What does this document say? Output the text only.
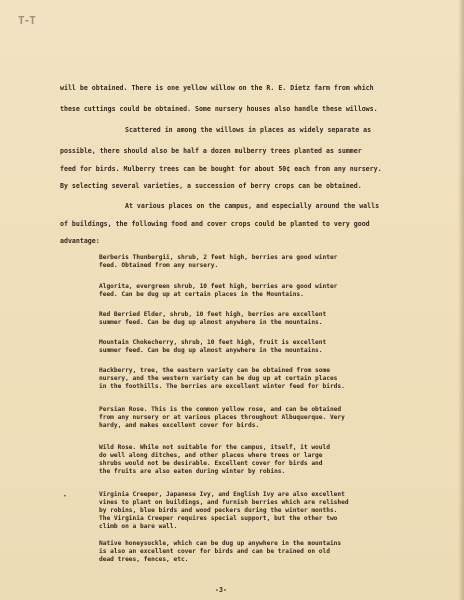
T-T
will be obtained. There is one yellow willow on the R. E. Dietz farm from which
these cuttings could be obtained. Some nursery houses also handle these willows.
Scattered in among the willows in places as widely separate as
possible, there should also be half a dozen mulberry trees planted as summer
feed for birds. Mulberry trees can be bought for about 50¢ each from any nursery.
By selecting several varieties, a succession of berry crops can be obtained.
At various places on the campus, and especially around the walls
of buildings, the following food and cover crops could be planted to very good
advantage:
Berberis Thunbergii, shrub, 2 feet high, berries are good winter
feed. Obtained from any nursery.
Algorita, evergreen shrub, 10 feet high, berries are good winter
feed. Can be dug up at certain places in the Mountains.
Red Berried Elder, shrub, 10 feet high, berries are excellent
summer feed. Can be dug up almost anywhere in the mountains.
Mountain Chokecherry, shrub, 10 feet high, fruit is excellent
summer feed. Can be dug up almost anywhere in the mountains.
Hackberry, tree, the eastern variety can be obtained from some
nursery, and the western variety can be dug up at certain places
in the foothills. The berries are excellent winter feed for birds.
Persian Rose. This is the common yellow rose, and can be obtained
from any nursery or at various places throughout Albuquerque. Very
hardy, and makes excellent cover for birds.
Wild Rose. While not suitable for the campus, itself, it would
do well along ditches, and other places where trees or large
shrubs would not be desirable. Excellent cover for birds and
the fruits are also eaten during winter by robins.
•	Virginia Creeper, Japanese Ivy, and English Ivy are also excellent
vines to plant on buildings, and furnish berries which are relished
by robins, blue birds and wood peckers during the winter months.
The Virginia Creeper requires special support, but the other two
climb on a bare wall.
Native honeysuckle, which can be dug up anywhere in the mountains
is also an excellent cover for birds and can be trained on old
dead trees, fences, etc.
-3-
